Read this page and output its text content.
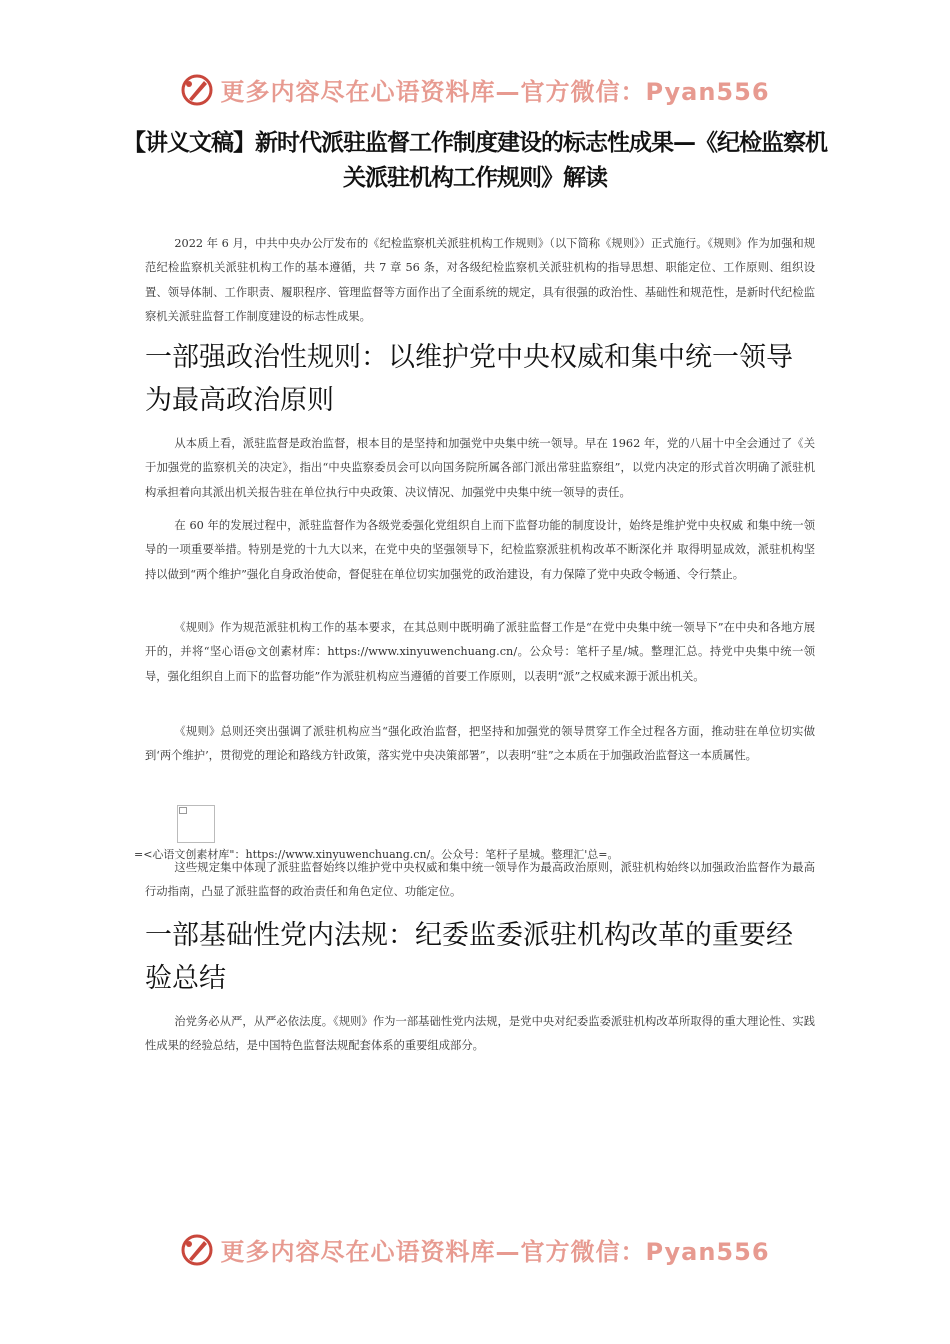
更多内容尽在心语资料库—官方微信：Pyan556
【讲义文稿】新时代派驻监督工作制度建设的标志性成果—《纪检监察机关派驻机构工作规则》解读

2022 年 6 月，中共中央办公厅发布的《纪检监察机关派驻机构工作规则》（以下简称《规则》）正式施行。《规则》作为加强和规范纪检监察机关派驻机构工作的基本遵循，共 7 章 56 条，对各级纪检监察机关派驻机构的指导思想、职能定位、工作原则、组织设置、领导体制、工作职责、履职程序、管理监督等方面作出了全面系统的规定，具有很强的政治性、基础性和规范性，是新时代纪检监察机关派驻监督工作制度建设的标志性成果。

一部强政治性规则：以维护党中央权威和集中统一领导为最高政治原则

从本质上看，派驻监督是政治监督，根本目的是坚持和加强党中央集中统一领导。早在 1962 年，党的八届十中全会通过了《关于加强党的监察机关的决定》，指出“中央监察委员会可以向国务院所属各部门派出常驻监察组”，以党内决定的形式首次明确了派驻机构承担着向其派出机关报告驻在单位执行中央政策、决议情况、加强党中央集中统一领导的责任。

在 60 年的发展过程中，派驻监督作为各级党委强化党组织自上而下监督功能的制度设计，始终是维护党中央权威 和集中统一领导的一项重要举措。特别是党的十九大以来，在党中央的坚强领导下，纪检监察派驻机构改革不断深化并 取得明显成效，派驻机构坚持以做到“两个维护”强化自身政治使命，督促驻在单位切实加强党的政治建设，有力保障了党中央政令畅通、令行禁止。

《规则》作为规范派驻机构工作的基本要求，在其总则中既明确了派驻监督工作是“在党中央集中统一领导下”在中央和各地方展开的，并将“坚心语@文创素材库：https://www.xinyuwenchuang.cn/。公众号：笔杆子星/城。整理汇总。持党中央集中统一领导，强化组织自上而下的监督功能”作为派驻机构应当遵循的首要工作原则，以表明“派”之权威来源于派出机关。

《规则》总则还突出强调了派驻机构应当“强化政治监督，把坚持和加强党的领导贯穿工作全过程各方面，推动驻在单位切实做到‘两个维护’，贯彻党的理论和路线方针政策，落实党中央决策部署”，以表明“驻”之本质在于加强政治监督这一本质属性。

=<心语文创素材库"：https://www.xinyuwenchuang.cn/。公众号：笔杆子星城。整理汇'总=。

这些规定集中体现了派驻监督始终以维护党中央权威和集中统一领导作为最高政治原则，派驻机构始终以加强政治监督作为最高行动指南，凸显了派驻监督的政治责任和角色定位、功能定位。

一部基础性党内法规：纪委监委派驻机构改革的重要经验总结

治党务必从严，从严必依法度。《规则》作为一部基础性党内法规，是党中央对纪委监委派驻机构改革所取得的重大理论性、实践性成果的经验总结，是中国特色监督法规配套体系的重要组成部分。

更多内容尽在心语资料库—官方微信：Pyan556
